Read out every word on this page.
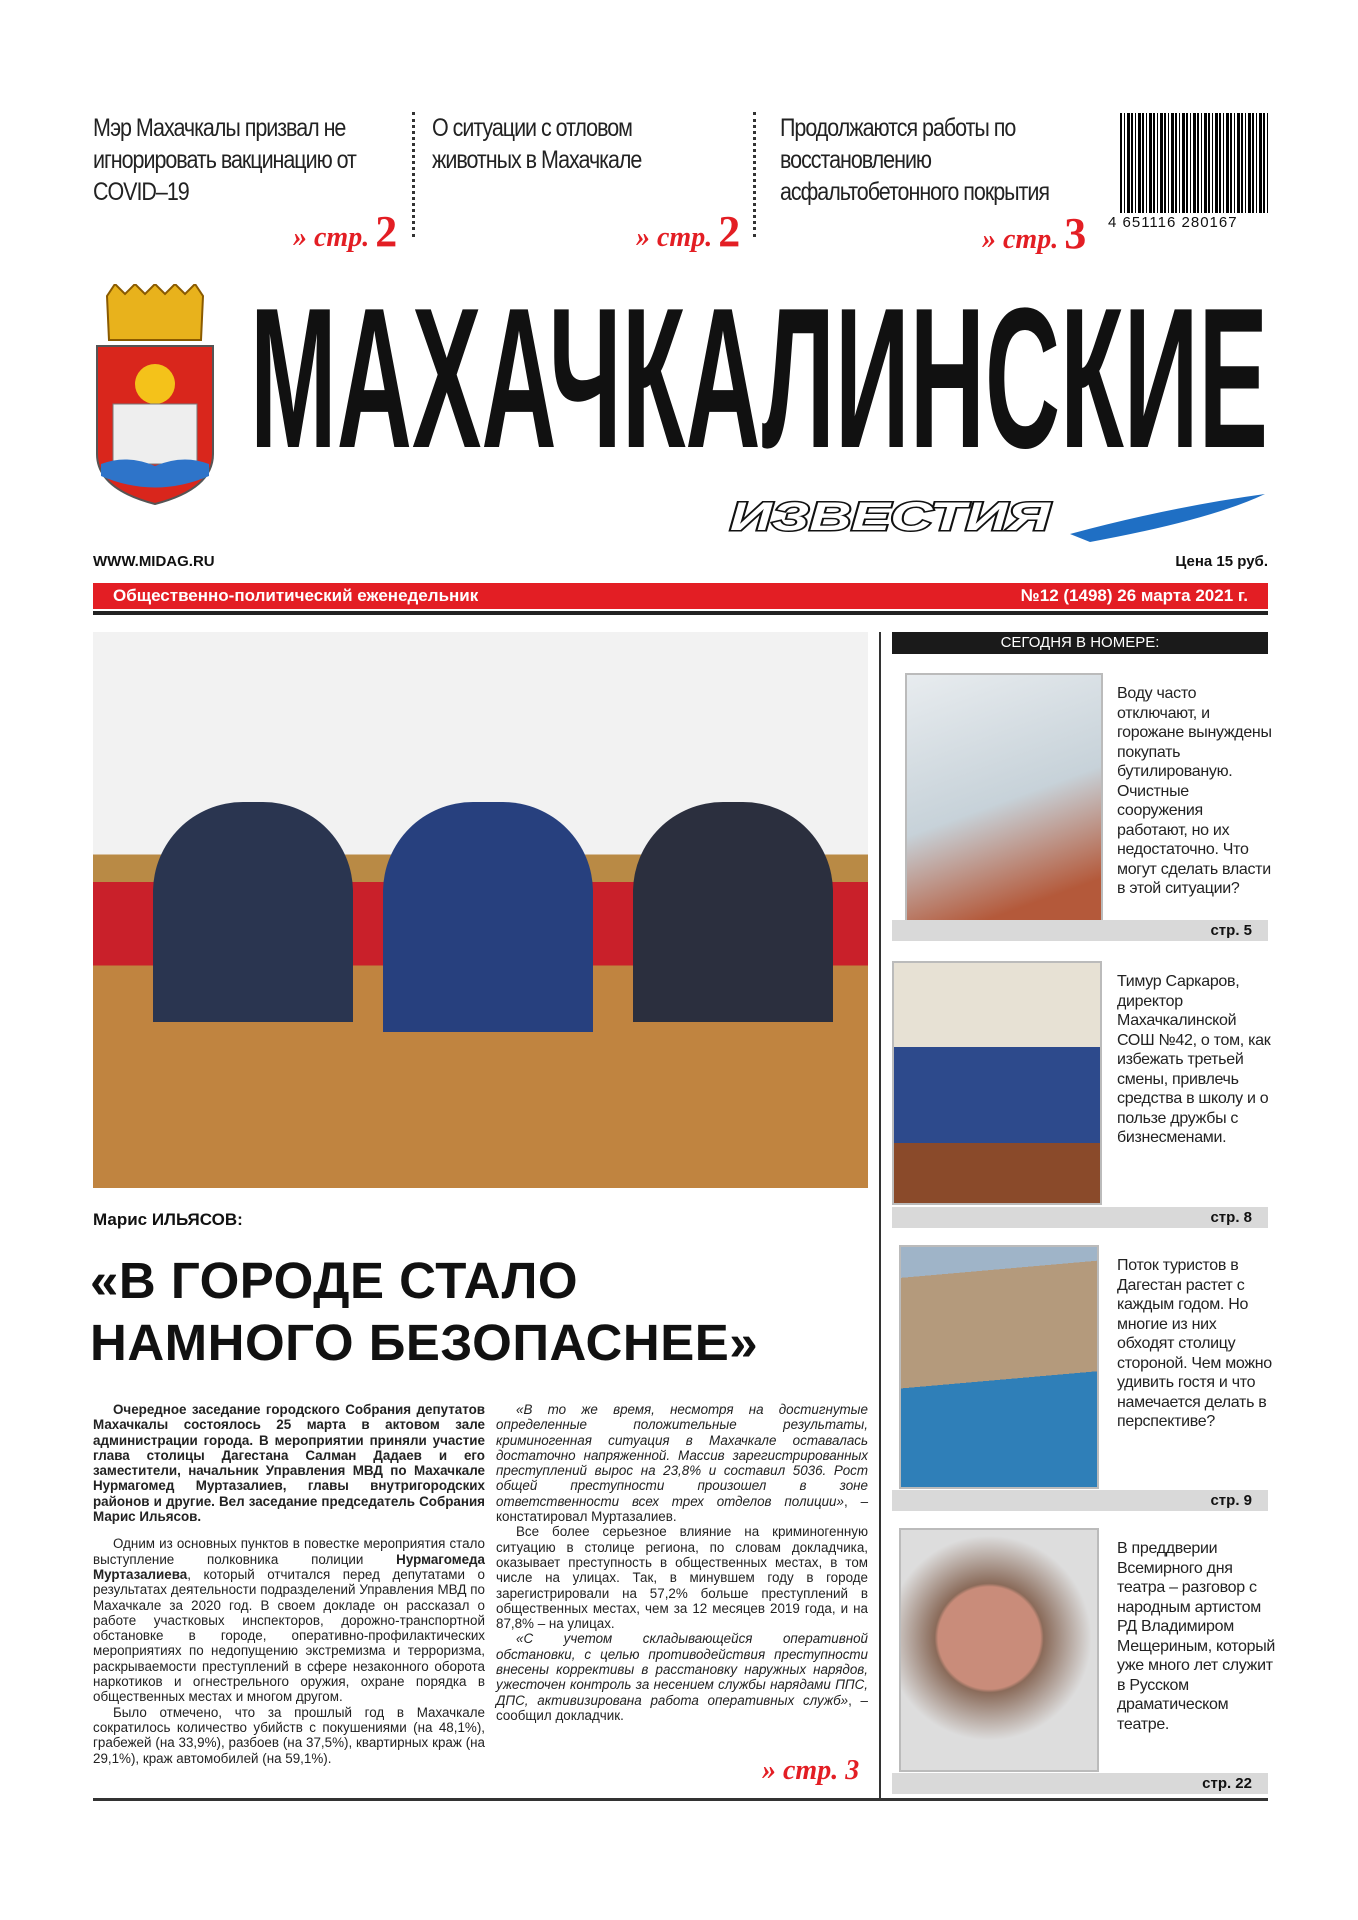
Мэр Махачкалы призвал не игнорировать вакцинацию от COVID–19
» стр. 2
О ситуации с отловом животных в Махачкале
» стр. 2
Продолжаются работы по восстановлению асфальтобетонного покрытия
» стр. 3 4 651116 280167
МАХАЧКАЛИНСКИЕ
ИЗВЕСТИЯ
WWW.MIDAG.RU	Цена 15 руб.
Общественно-политический еженедельник	№12 (1498) 26 марта 2021 г.
Марис ИЛЬЯСОВ:
«В ГОРОДЕ СТАЛО
НАМНОГО БЕЗОПАСНЕЕ»

Очередное заседание городского Собрания депутатов Махачкалы состоялось 25 марта в актовом зале администрации города. В мероприятии приняли участие глава столицы Дагестана Салман Дадаев и его заместители, начальник Управления МВД по Махачкале Нурмагомед Муртазалиев, главы внутригородских районов и другие. Вел заседание председатель Собрания Марис Ильясов.

Одним из основных пунктов в повестке мероприятия стало выступление полковника полиции Нурмагомеда Муртазалиева, который отчитался перед депутатами о результатах деятельности подразделений Управления МВД по Махачкале за 2020 год. В своем докладе он рассказал о работе участковых инспекторов, дорожно-транспортной обстановке в городе, оперативно-профилактических мероприятиях по недопущению экстремизма и терроризма, раскрываемости преступлений в сфере незаконного оборота наркотиков и огнестрельного оружия, охране порядка в общественных местах и многом другом.

Было отмечено, что за прошлый год в Махачкале сократилось количество убийств с покушениями (на 48,1%), грабежей (на 33,9%), разбоев (на 37,5%), квартирных краж (на 29,1%), краж автомобилей (на 59,1%).

«В то же время, несмотря на достигнутые определенные положительные результаты, криминогенная ситуация в Махачкале оставалась достаточно напряженной. Массив зарегистрированных преступлений вырос на 23,8% и составил 5036. Рост общей преступности произошел в зоне ответственности всех трех отделов полиции», – констатировал Муртазалиев.

Все более серьезное влияние на криминогенную ситуацию в столице региона, по словам докладчика, оказывает преступность в общественных местах, в том числе на улицах. Так, в минувшем году в городе зарегистрировали на 57,2% больше преступлений в общественных местах, чем за 12 месяцев 2019 года, и на 87,8% – на улицах.

«С учетом складывающейся оперативной обстановки, с целью противодействия преступности внесены коррективы в расстановку наружных нарядов, ужесточен контроль за несением службы нарядами ППС, ДПС, активизирована работа оперативных служб», – сообщил докладчик.

» стр. 3
СЕГОДНЯ В НОМЕРЕ:
Воду часто отключают, и горожане вынуждены покупать бутилированую. Очистные сооружения работают, но их недостаточно. Что могут сделать власти в этой ситуации?
стр. 5
Тимур Саркаров, директор Махачкалинской СОШ №42, о том, как избежать третьей смены, привлечь средства в школу и о пользе дружбы с бизнесменами.
стр. 8
Поток туристов в Дагестан растет с каждым годом. Но многие из них обходят столицу стороной. Чем можно удивить гостя и что намечается делать в перспективе?
стр. 9
В преддверии Всемирного дня театра – разговор с народным артистом РД Владимиром Мещериным, который уже много лет служит в Русском драматическом театре.
стр. 22
